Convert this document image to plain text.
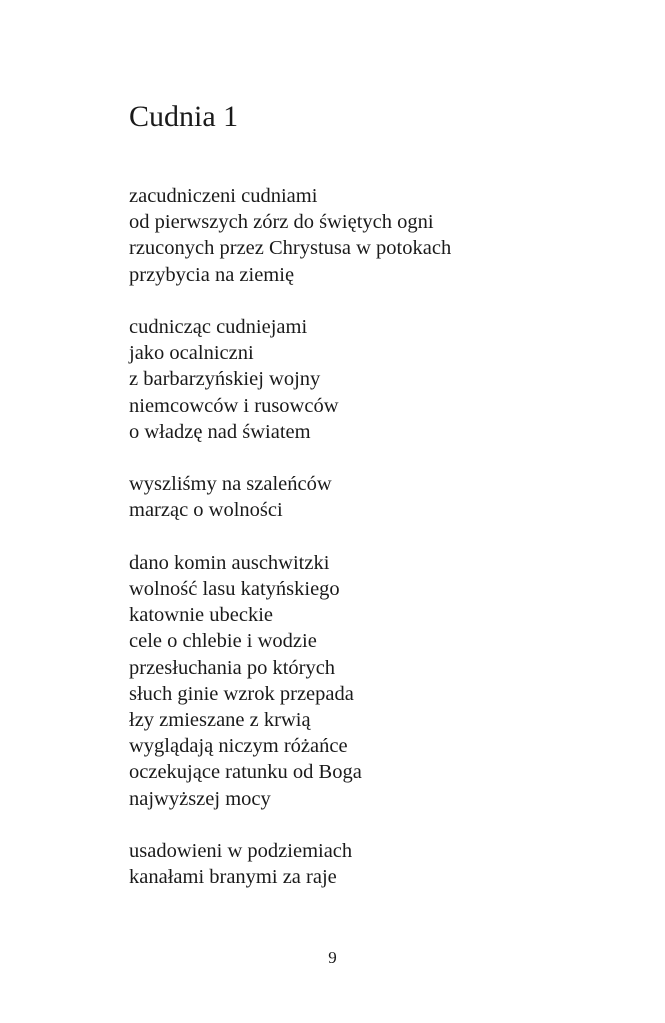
Cudnia 1
zacudniczeni cudniami
od pierwszych zórz do świętych ogni
rzuconych przez Chrystusa w potokach
przybycia na ziemię
cudnicząc cudniejami
jako ocalniczni
z barbarzyńskiej wojny
niemcowców i rusowców
o władzę nad światem
wyszliśmy na szaleńców
marząc o wolności
dano komin auschwitzki
wolność lasu katyńskiego
katownie ubeckie
cele o chlebie i wodzie
przesłuchania po których
słuch ginie wzrok przepada
łzy zmieszane z krwią
wyglądają niczym różańce
oczekujące ratunku od Boga
najwyższej mocy
usadowieni w podziemiach
kanałami branymi za raje
9
